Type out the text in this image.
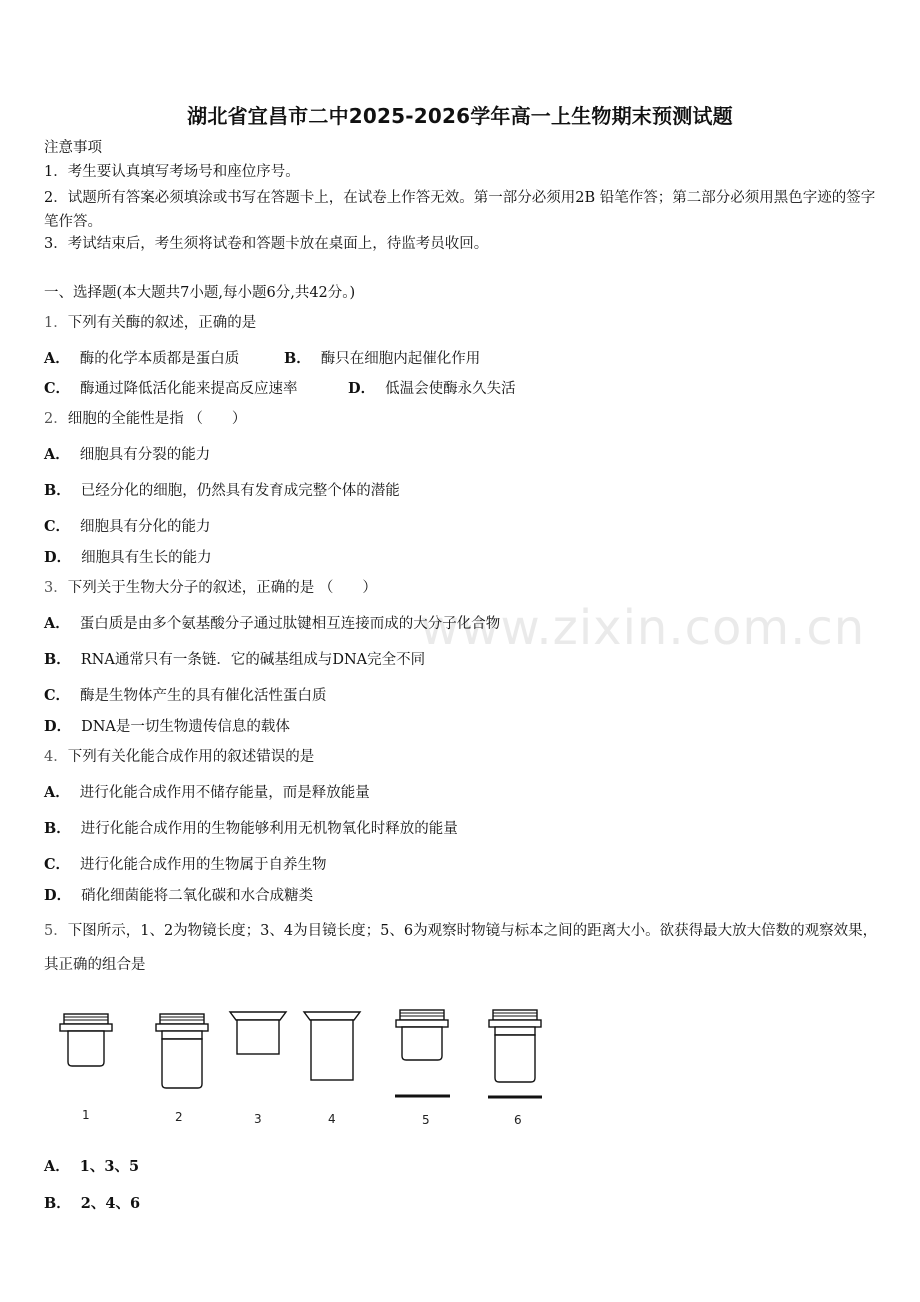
www.zixin.com.cn
湖北省宜昌市二中2025-2026学年高一上生物期末预测试题
注意事项
1．考生要认真填写考场号和座位序号。
2．试题所有答案必须填涂或书写在答题卡上，在试卷上作答无效。第一部分必须用2B 铅笔作答；第二部分必须用黑色字迹的签字笔作答。
3．考试结束后，考生须将试卷和答题卡放在桌面上，待监考员收回。
一、选择题(本大题共7小题,每小题6分,共42分。)
1．下列有关酶的叙述，正确的是
A． 酶的化学本质都是蛋白质	B． 酶只在细胞内起催化作用
C． 酶通过降低活化能来提高反应速率	D． 低温会使酶永久失活
2．细胞的全能性是指 （　　）
A． 细胞具有分裂的能力
B． 已经分化的细胞，仍然具有发育成完整个体的潜能
C． 细胞具有分化的能力
D． 细胞具有生长的能力
3．下列关于生物大分子的叙述，正确的是 （　　）
A． 蛋白质是由多个氨基酸分子通过肽键相互连接而成的大分子化合物
B． RNA通常只有一条链．它的碱基组成与DNA完全不同
C． 酶是生物体产生的具有催化活性蛋白质
D． DNA是一切生物遗传信息的载体
4．下列有关化能合成作用的叙述错误的是
A． 进行化能合成作用不储存能量，而是释放能量
B． 进行化能合成作用的生物能够利用无机物氧化时释放的能量
C． 进行化能合成作用的生物属于自养生物
D． 硝化细菌能将二氧化碳和水合成糖类
5．下图所示，1、2为物镜长度；3、4为目镜长度；5、6为观察时物镜与标本之间的距离大小。欲获得最大放大倍数的观察效果，其正确的组合是
1	2	3	4	5	6
A． 1、3、5
B． 2、4、6
